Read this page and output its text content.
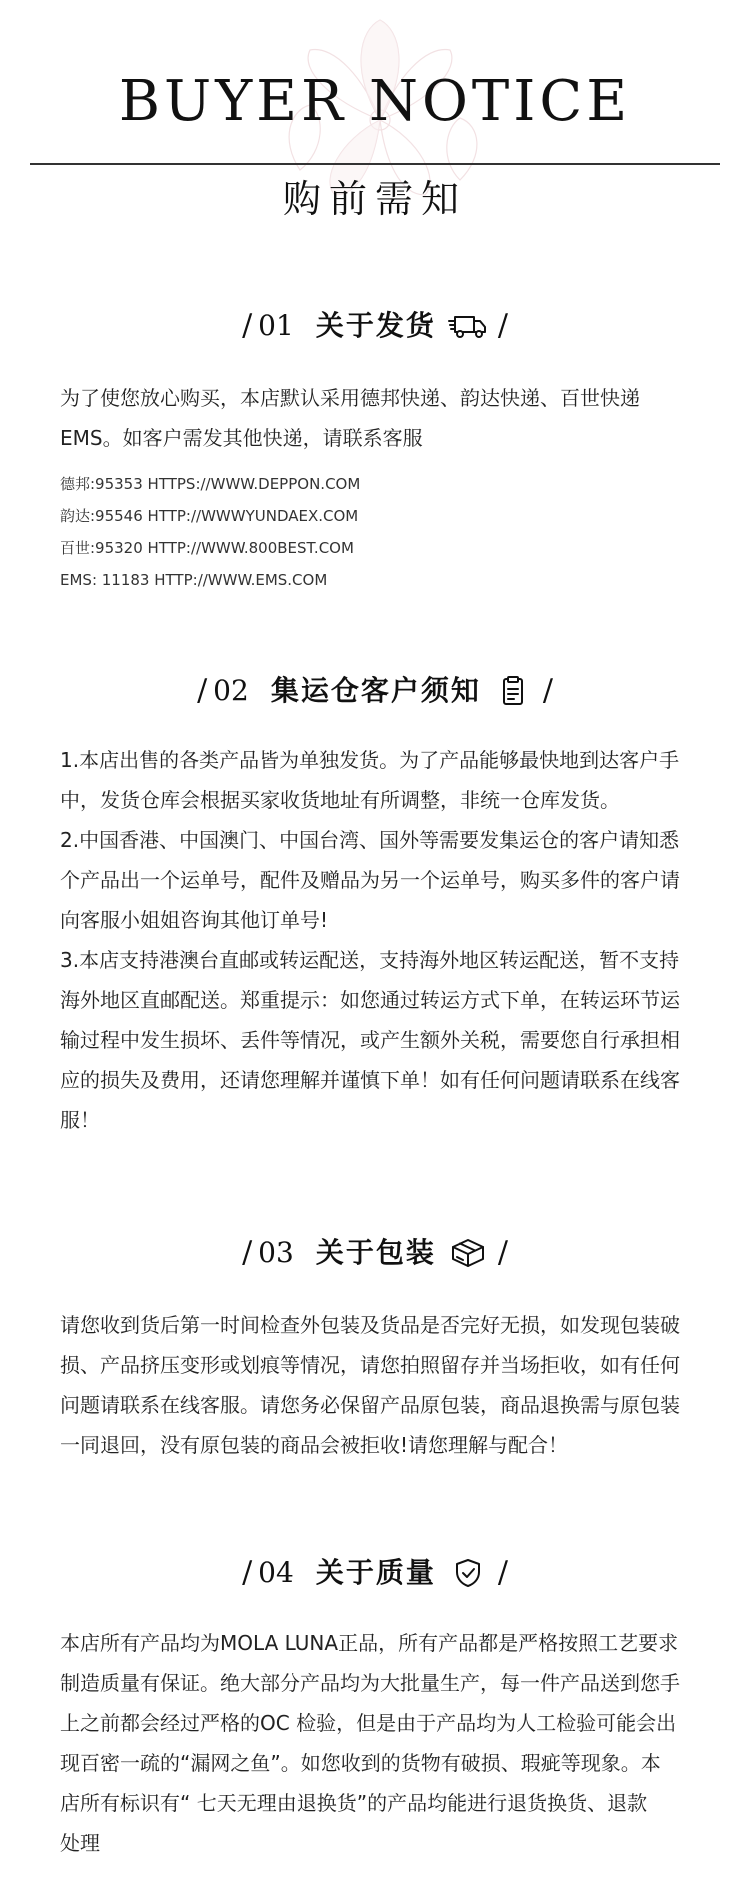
BUYER NOTICE
购前需知
/ 01 关于发货 /

为了使您放心购买，本店默认采用德邦快递、韵达快递、百世快递

EMS。如客户需发其他快递，请联系客服

德邦:95353 HTTPS://WWW.DEPPON.COM

韵达:95546 HTTP://WWWYUNDAEX.COM

百世:95320 HTTP://WWW.800BEST.COM

EMS: 11183 HTTP://WWW.EMS.COM

/ 02 集运仓客户须知 /

1.本店出售的各类产品皆为单独发货。为了产品能够最快地到达客户手

中，发货仓库会根据买家收货地址有所调整，非统一仓库发货。

2.中国香港、中国澳门、中国台湾、国外等需要发集运仓的客户请知悉

个产品出一个运单号，配件及赠品为另一个运单号，购买多件的客户请

向客服小姐姐咨询其他订单号!

3.本店支持港澳台直邮或转运配送，支持海外地区转运配送，暂不支持

海外地区直邮配送。郑重提示：如您通过转运方式下单，在转运环节运

输过程中发生损坏、丢件等情况，或产生额外关税，需要您自行承担相

应的损失及费用，还请您理解并谨慎下单！如有任何问题请联系在线客

服！

/ 03 关于包装 /

请您收到货后第一时间检查外包装及货品是否完好无损，如发现包装破

损、产品挤压变形或划痕等情况，请您拍照留存并当场拒收，如有任何

问题请联系在线客服。请您务必保留产品原包装，商品退换需与原包装

一同退回，没有原包装的商品会被拒收!请您理解与配合！

/ 04 关于质量 /

本店所有产品均为MOLA LUNA正品，所有产品都是严格按照工艺要求

制造质量有保证。绝大部分产品均为大批量生产，每一件产品送到您手

上之前都会经过严格的OC 检验，但是由于产品均为人工检验可能会出

现百密一疏的“漏网之鱼”。如您收到的货物有破损、瑕疵等现象。本

店所有标识有“ 七天无理由退换货”的产品均能进行退货换货、退款

处理
